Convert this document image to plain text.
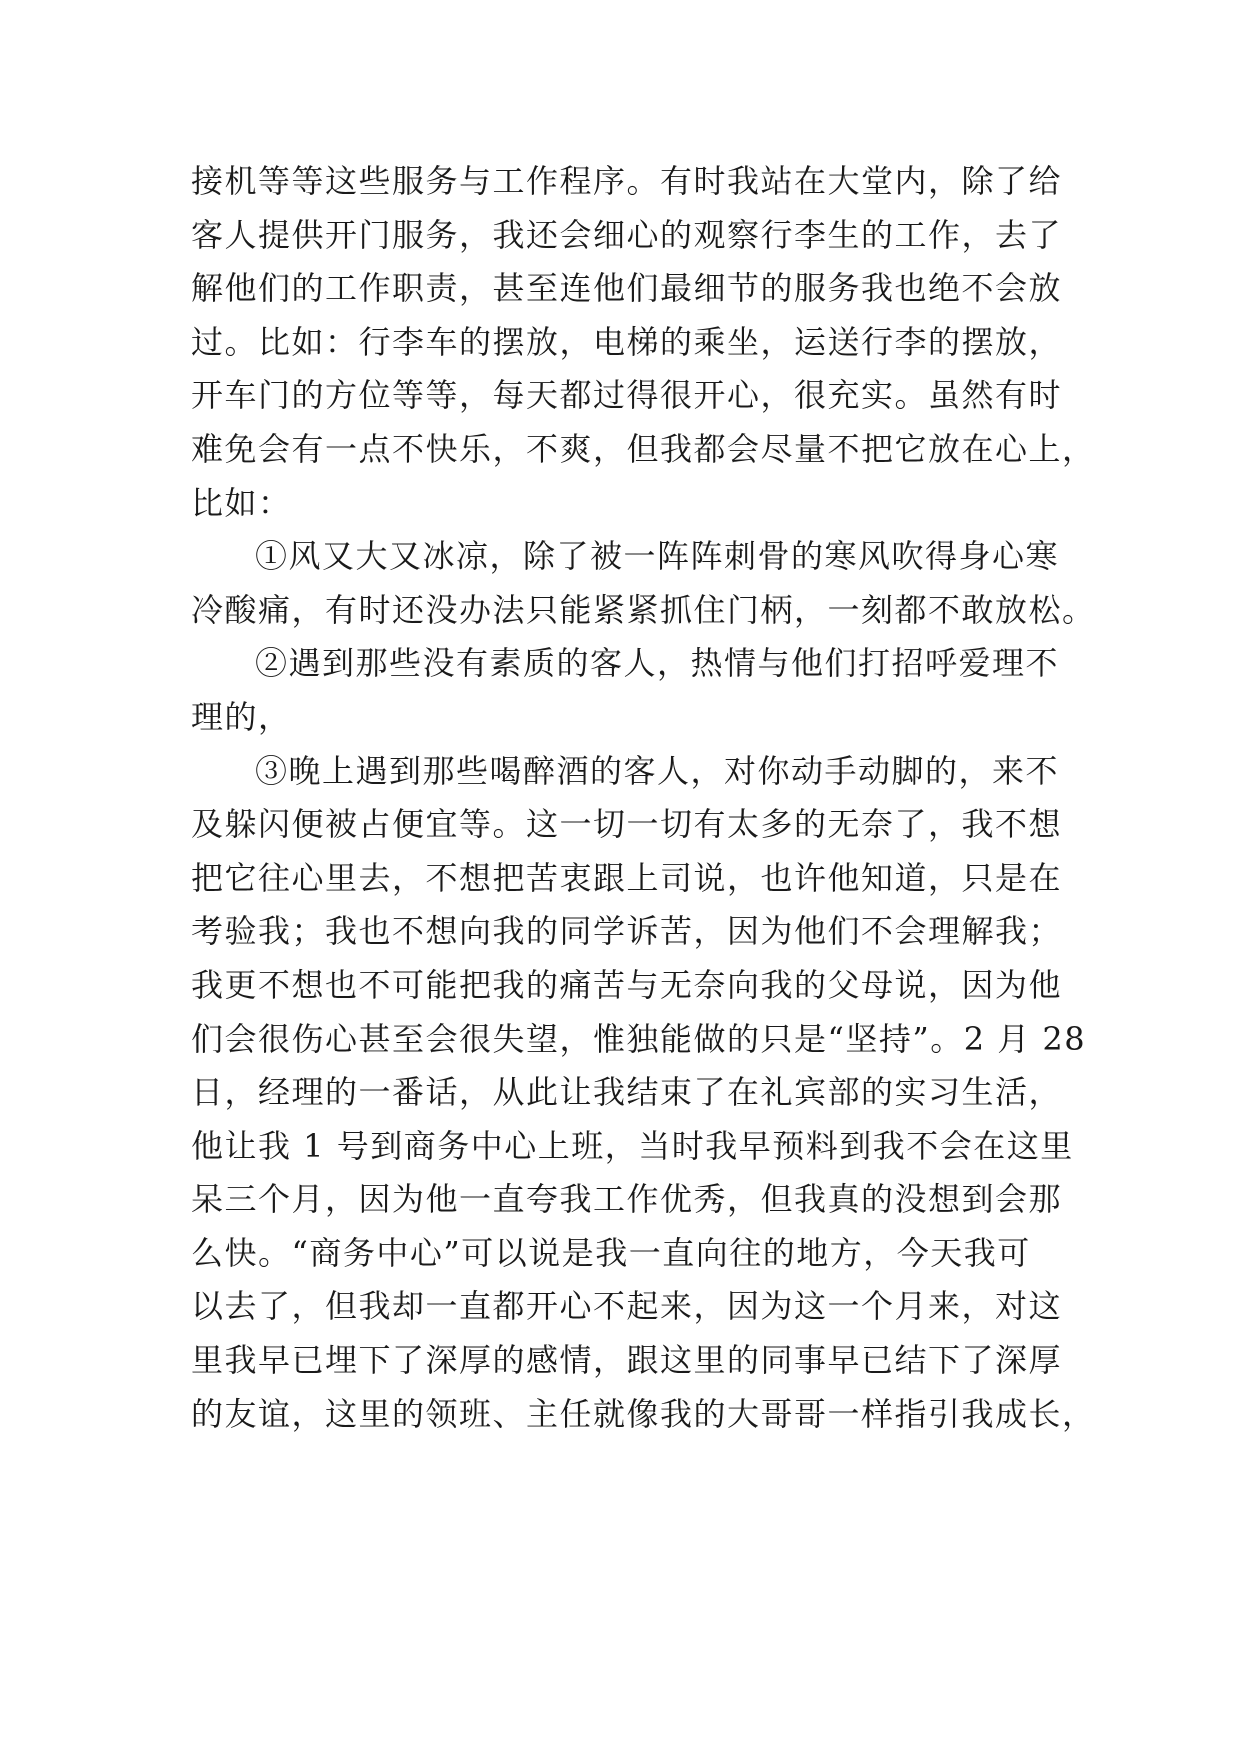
接机等等这些服务与工作程序。有时我站在大堂内，除了给
客人提供开门服务，我还会细心的观察行李生的工作，去了
解他们的工作职责，甚至连他们最细节的服务我也绝不会放
过。比如：行李车的摆放，电梯的乘坐，运送行李的摆放，
开车门的方位等等，每天都过得很开心，很充实。虽然有时
难免会有一点不快乐，不爽，但我都会尽量不把它放在心上，
比如：
①风又大又冰凉，除了被一阵阵刺骨的寒风吹得身心寒
冷酸痛，有时还没办法只能紧紧抓住门柄，一刻都不敢放松。
②遇到那些没有素质的客人，热情与他们打招呼爱理不
理的，
③晚上遇到那些喝醉酒的客人，对你动手动脚的，来不
及躲闪便被占便宜等。这一切一切有太多的无奈了，我不想
把它往心里去，不想把苦衷跟上司说，也许他知道，只是在
考验我；我也不想向我的同学诉苦，因为他们不会理解我；
我更不想也不可能把我的痛苦与无奈向我的父母说，因为他
们会很伤心甚至会很失望，惟独能做的只是“坚持”。2 月 28
日，经理的一番话，从此让我结束了在礼宾部的实习生活，
他让我 1 号到商务中心上班，当时我早预料到我不会在这里
呆三个月，因为他一直夸我工作优秀，但我真的没想到会那
么快。“商务中心”可以说是我一直向往的地方，今天我可
以去了，但我却一直都开心不起来，因为这一个月来，对这
里我早已埋下了深厚的感情，跟这里的同事早已结下了深厚
的友谊，这里的领班、主任就像我的大哥哥一样指引我成长，
